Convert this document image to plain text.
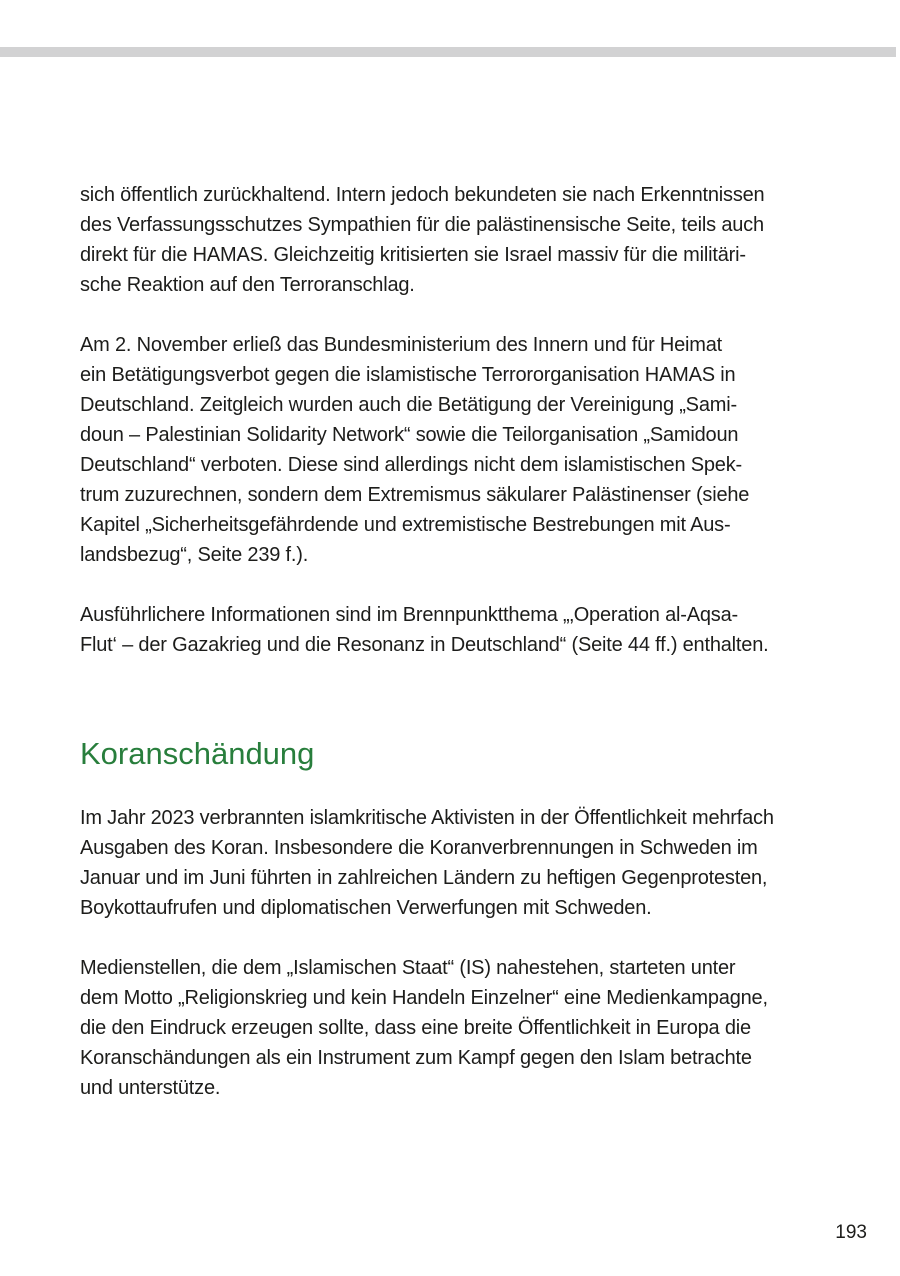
sich öffentlich zurückhaltend. Intern jedoch bekundeten sie nach Erkenntnissen
des Verfassungsschutzes Sympathien für die palästinensische Seite, teils auch
direkt für die HAMAS. Gleichzeitig kritisierten sie Israel massiv für die militäri-
sche Reaktion auf den Terroranschlag.
Am 2. November erließ das Bundesministerium des Innern und für Heimat
ein Betätigungsverbot gegen die islamistische Terrororganisation HAMAS in
Deutschland. Zeitgleich wurden auch die Betätigung der Vereinigung „Sami-
doun – Palestinian Solidarity Network“ sowie die Teilorganisation „Samidoun
Deutschland“ verboten. Diese sind allerdings nicht dem islamistischen Spek-
trum zuzurechnen, sondern dem Extremismus säkularer Palästinenser (siehe
Kapitel „Sicherheitsgefährdende und extremistische Bestrebungen mit Aus-
landsbezug“, Seite 239 f.).
Ausführlichere Informationen sind im Brennpunktthema „‚Operation al-Aqsa-
Flut‘ – der Gazakrieg und die Resonanz in Deutschland“ (Seite 44 ff.) enthalten.
Koranschändung
Im Jahr 2023 verbrannten islamkritische Aktivisten in der Öffentlichkeit mehrfach
Ausgaben des Koran. Insbesondere die Koranverbrennungen in Schweden im
Januar und im Juni führten in zahlreichen Ländern zu heftigen Gegenprotesten,
Boykottaufrufen und diplomatischen Verwerfungen mit Schweden.
Medienstellen, die dem „Islamischen Staat“ (IS) nahestehen, starteten unter
dem Motto „Religionskrieg und kein Handeln Einzelner“ eine Medienkampagne,
die den Eindruck erzeugen sollte, dass eine breite Öffentlichkeit in Europa die
Koranschändungen als ein Instrument zum Kampf gegen den Islam betrachte
und unterstütze.
193
